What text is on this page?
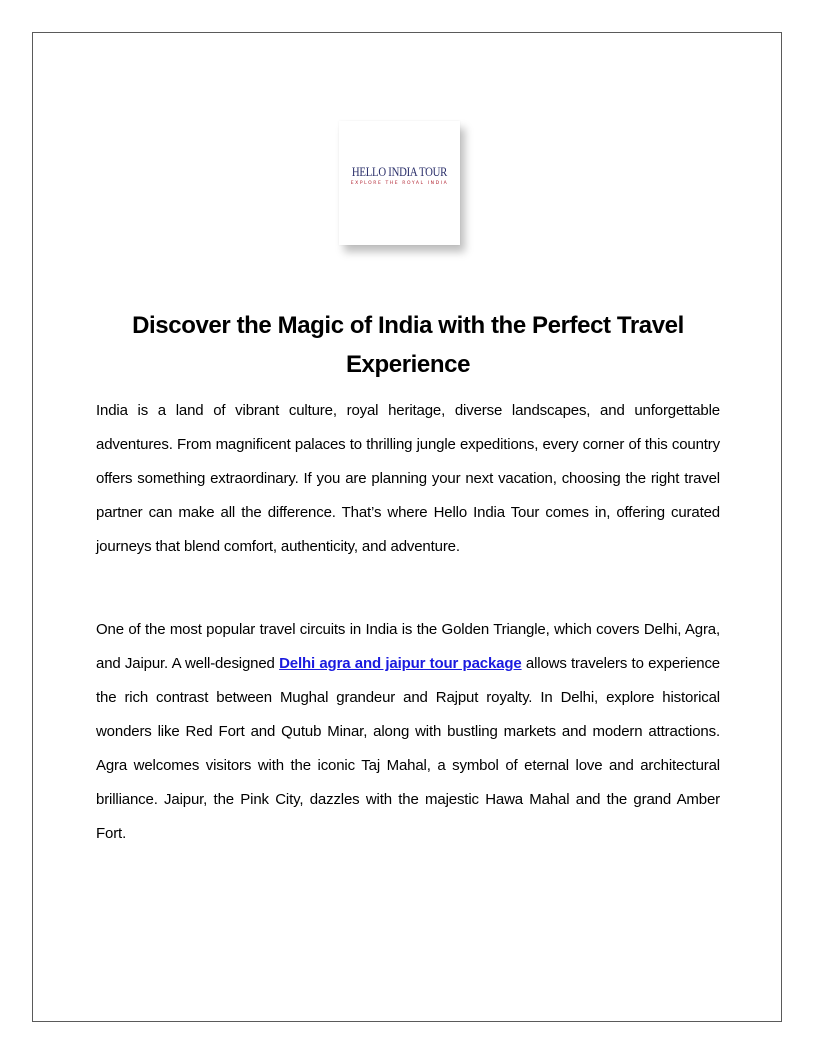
HELLO INDIA TOUR
EXPLORE THE ROYAL INDIA
Discover the Magic of India with the Perfect Travel Experience

India is a land of vibrant culture, royal heritage, diverse landscapes, and unforgettable adventures. From magnificent palaces to thrilling jungle expeditions, every corner of this country offers something extraordinary. If you are planning your next vacation, choosing the right travel partner can make all the difference. That’s where Hello India Tour comes in, offering curated journeys that blend comfort, authenticity, and adventure.

One of the most popular travel circuits in India is the Golden Triangle, which covers Delhi, Agra, and Jaipur. A well-designed Delhi agra and jaipur tour package allows travelers to experience the rich contrast between Mughal grandeur and Rajput royalty. In Delhi, explore historical wonders like Red Fort and Qutub Minar, along with bustling markets and modern attractions. Agra welcomes visitors with the iconic Taj Mahal, a symbol of eternal love and architectural brilliance. Jaipur, the Pink City, dazzles with the majestic Hawa Mahal and the grand Amber Fort.
